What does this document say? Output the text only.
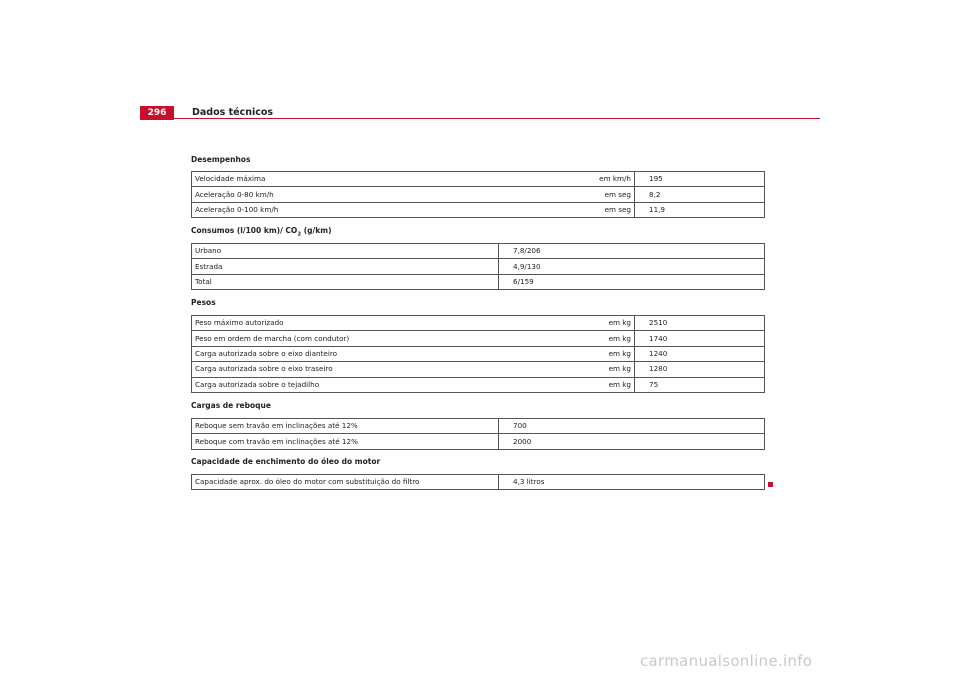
296	Dados técnicos
Desempenhos
Velocidade máxima	em km/h	195
Aceleração 0-80 km/h	em seg	8,2
Aceleração 0-100 km/h	em seg	11,9
Consumos (l/100 km)/ $CO_2$ (g/km)
Urbano	7,8/206
Estrada	4,9/130
Total	6/159
Pesos
Peso máximo autorizado	em kg	2510
Peso em ordem de marcha (com condutor)	em kg	1740
Carga autorizada sobre o eixo dianteiro	em kg	1240
Carga autorizada sobre o eixo traseiro	em kg	1280
Carga autorizada sobre o tejadilho	em kg	75
Cargas de reboque
Reboque sem travão em inclinações até 12%	700
Reboque com travão em inclinações até 12%	2000
Capacidade de enchimento do óleo do motor
Capacidade aprox. do óleo do motor com substituição do filtro	4,3 litros
carmanualsonline.info
